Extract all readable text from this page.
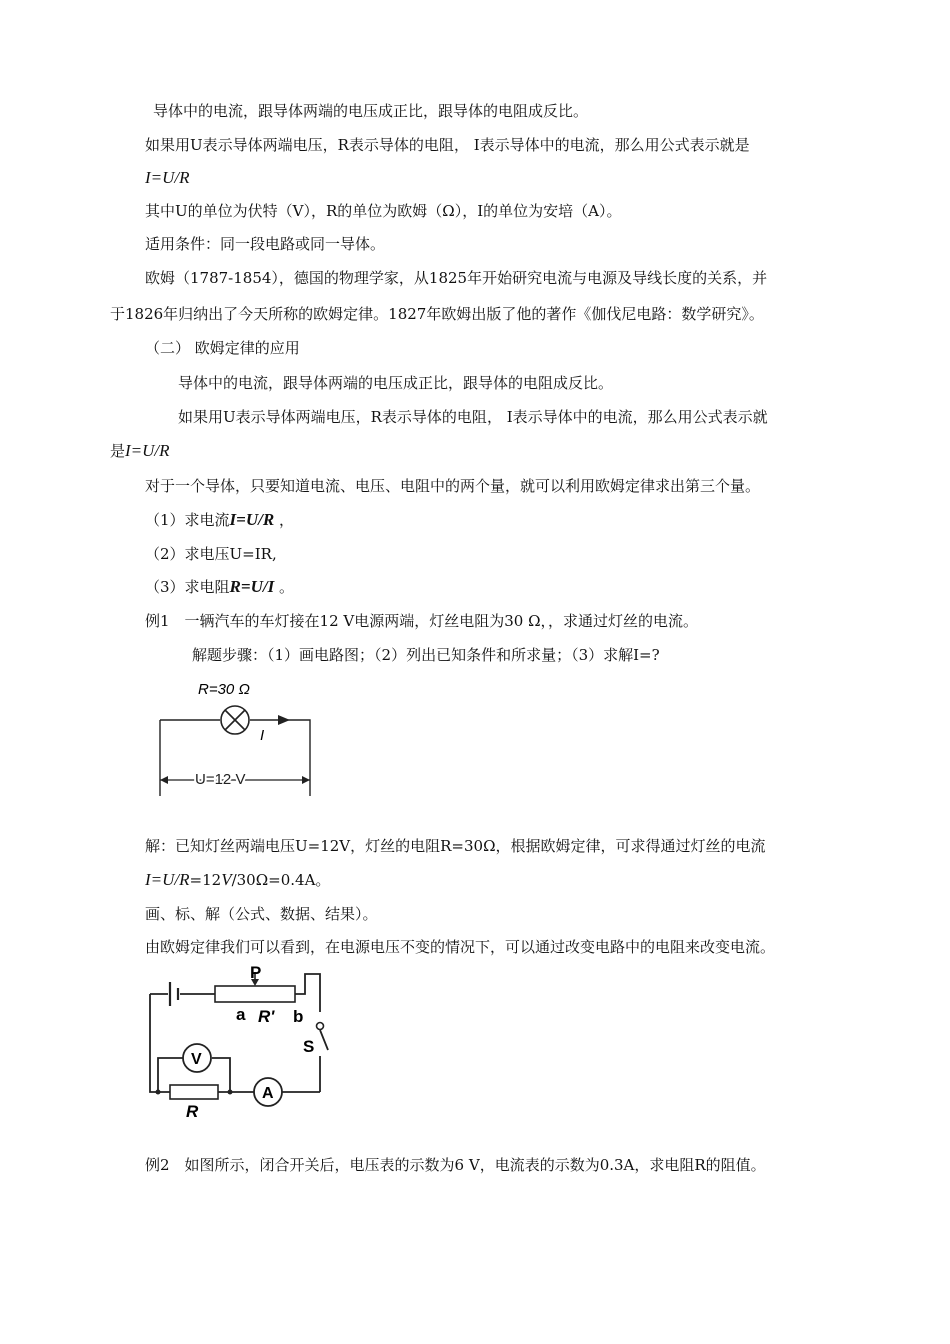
导体中的电流，跟导体两端的电压成正比，跟导体的电阻成反比。
如果用U表示导体两端电压，R表示导体的电阻， I表示导体中的电流，那么用公式表示就是
I=U/R
其中U的单位为伏特（V），R的单位为欧姆（Ω），I的单位为安培（A）。
适用条件：同一段电路或同一导体。
欧姆（1787-1854），德国的物理学家，从1825年开始研究电流与电源及导线长度的关系，并
于1826年归纳出了今天所称的欧姆定律。1827年欧姆出版了他的著作《伽伐尼电路：数学研究》。
（二） 欧姆定律的应用
导体中的电流，跟导体两端的电压成正比，跟导体的电阻成反比。
如果用U表示导体两端电压，R表示导体的电阻， I表示导体中的电流，那么用公式表示就
是I=U/R
对于一个导体，只要知道电流、电压、电阻中的两个量，就可以利用欧姆定律求出第三个量。
（1）求电流I=U/R ，
（2）求电压U=IR,
（3）求电阻R=U/I 。
例1　一辆汽车的车灯接在12 V电源两端，灯丝电阻为30 Ω，，求通过灯丝的电流。
解题步骤：（1）画电路图；（2）列出已知条件和所求量；（3）求解I=?
R=30 Ω
I
U=12 V
解：已知灯丝两端电压U=12V，灯丝的电阻R=30Ω，根据欧姆定律，可求得通过灯丝的电流
I=U/R=12V/30Ω=0.4A。
画、标、解（公式、数据、结果）。
由欧姆定律我们可以看到，在电源电压不变的情况下，可以通过改变电路中的电阻来改变电流。
P
a R' b
S
V
A
R
例2　如图所示，闭合开关后，电压表的示数为6 V，电流表的示数为0.3A，求电阻R的阻值。
